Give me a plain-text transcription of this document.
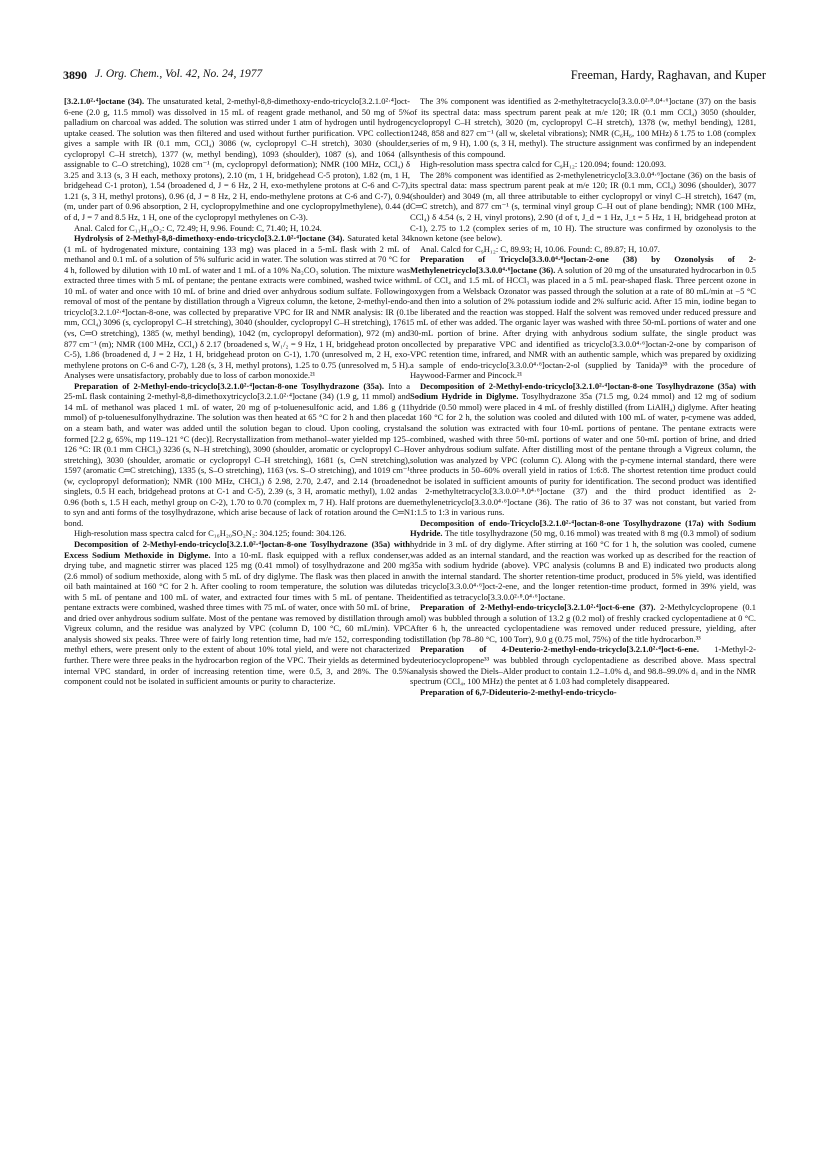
3890 J. Org. Chem., Vol. 42, No. 24, 1977	Freeman, Hardy, Raghavan, and Kuper

[3.2.1.0²·⁴]octane (34). The unsaturated ketal, 2-methyl-8,8-dimethoxy-endo-tricyclo[3.2.1.0²·⁴]oct-6-ene (2.0 g, 11.5 mmol) was dissolved in 15 mL of reagent grade methanol, and 50 mg of 5% palladium on charcoal was added. The solution was stirred under 1 atm of hydrogen until hydrogen uptake ceased. The solution was then filtered and used without further purification. VPC collection gives a sample with IR (0.1 mm, CCl₄) 3086 (w, cyclopropyl C–H stretch), 3030 (shoulder, cyclopropyl C–H stretch), 1377 (w, methyl bending), 1093 (shoulder), 1087 (s), and 1064 (all assignable to C–O stretching), 1028 cm⁻¹ (m, cyclopropyl deformation); NMR (100 MHz, CCl₄) δ 3.25 and 3.13 (s, 3 H each, methoxy protons), 2.10 (m, 1 H, bridgehead C-5 proton), 1.82 (m, 1 H, bridgehead C-1 proton), 1.54 (broadened d, J = 6 Hz, 2 H, exo-methylene protons at C-6 and C-7), 1.21 (s, 3 H, methyl protons), 0.96 (d, J = 8 Hz, 2 H, endo-methylene protons at C-6 and C-7), 0.94 (m, under part of 0.96 absorption, 2 H, cyclopropylmethine and one cyclopropylmethylene), 0.44 (d of d, J = 7 and 8.5 Hz, 1 H, one of the cyclopropyl methylenes on C-3).

Anal. Calcd for C₁₁H₁₈O₂: C, 72.49; H, 9.96. Found: C, 71.40; H, 10.24.

Hydrolysis of 2-Methyl-8,8-dimethoxy-endo-tricyclo[3.2.1.0²·⁴]octane (34). Saturated ketal 34 (1 mL of hydrogenated mixture, containing 133 mg) was placed in a 5-mL flask with 2 mL of methanol and 0.1 mL of a solution of 5% sulfuric acid in water. The solution was stirred at 70 °C for 4 h, followed by dilution with 10 mL of water and 1 mL of a 10% Na₂CO₃ solution. The mixture was extracted three times with 5 mL of pentane; the pentane extracts were combined, washed twice with 10 mL of water and once with 10 mL of brine and dried over anhydrous sodium sulfate. Following removal of most of the pentane by distillation through a Vigreux column, the ketone, 2-methyl-endo-tricyclo[3.2.1.0²·⁴]octan-8-one, was collected by preparative VPC for IR and NMR analysis: IR (0.1 mm, CCl₄) 3096 (s, cyclopropyl C–H stretching), 3040 (shoulder, cyclopropyl C–H stretching), 1761 (vs, C═O stretching), 1385 (w, methyl bending), 1042 (m, cyclopropyl deformation), 972 (m) and 877 cm⁻¹ (m); NMR (100 MHz, CCl₄) δ 2.17 (broadened s, W₁/₂ = 9 Hz, 1 H, bridgehead proton on C-5), 1.86 (broadened d, J = 2 Hz, 1 H, bridgehead proton on C-1), 1.70 (unresolved m, 2 H, exo-methylene protons on C-6 and C-7), 1.28 (s, 3 H, methyl protons), 1.25 to 0.75 (unresolved m, 5 H). Analyses were unsatisfactory, probably due to loss of carbon monoxide.²¹

Preparation of 2-Methyl-endo-tricyclo[3.2.1.0²·⁴]octan-8-one Tosylhydrazone (35a). Into a 25-mL flask containing 2-methyl-8,8-dimethoxytricyclo[3.2.1.0²·⁴]octane (34) (1.9 g, 11 mmol) and 14 mL of methanol was placed 1 mL of water, 20 mg of p-toluenesulfonic acid, and 1.86 g (11 mmol) of p-toluenesulfonylhydrazine. The solution was then heated at 65 °C for 2 h and then placed on a steam bath, and water was added until the solution began to cloud. Upon cooling, crystals formed [2.2 g, 65%, mp 119–121 °C (dec)]. Recrystallization from methanol–water yielded mp 125–126 °C: IR (0.1 mm CHCl₃) 3236 (s, N–H stretching), 3090 (shoulder, aromatic or cyclopropyl C–H stretching), 3030 (shoulder, aromatic or cyclopropyl C–H stretching), 1681 (s, C═N stretching), 1597 (aromatic C═C stretching), 1335 (s, S–O stretching), 1163 (vs. S–O stretching), and 1019 cm⁻¹ (w, cyclopropyl deformation); NMR (100 MHz, CHCl₃) δ 2.98, 2.70, 2.47, and 2.14 (broadened singlets, 0.5 H each, bridgehead protons at C-1 and C-5), 2.39 (s, 3 H, aromatic methyl), 1.02 and 0.96 (both s, 1.5 H each, methyl group on C-2), 1.70 to 0.70 (complex m, 7 H). Half protons are due to syn and anti forms of the tosylhydrazone, which arise because of lack of rotation around the C═N bond.

High-resolution mass spectra calcd for C₁₆H₂₀SO₂N₂: 304.125; found: 304.126.

Decomposition of 2-Methyl-endo-tricyclo[3.2.1.0²·⁴]octan-8-one Tosylhydrazone (35a) with Excess Sodium Methoxide in Diglyme. Into a 10-mL flask equipped with a reflux condenser, drying tube, and magnetic stirrer was placed 125 mg (0.41 mmol) of tosylhydrazone and 200 mg (2.6 mmol) of sodium methoxide, along with 5 mL of dry diglyme. The flask was then placed in an oil bath maintained at 160 °C for 2 h. After cooling to room temperature, the solution was diluted with 5 mL of pentane and 100 mL of water, and extracted four times with 5 mL of pentane. The pentane extracts were combined, washed three times with 75 mL of water, once with 50 mL of brine, and dried over anhydrous sodium sulfate. Most of the pentane was removed by distillation through a Vigreux column, and the residue was analyzed by VPC (column D, 100 °C, 60 mL/min). VPC analysis showed six peaks. Three were of fairly long retention time, had m/e 152, corresponding to methyl ethers, were present only to the extent of about 10% total yield, and were not characterized further. There were three peaks in the hydrocarbon region of the VPC. Their yields as determined by internal VPC standard, in order of increasing retention time, were 0.5, 3, and 28%. The 0.5% component could not be isolated in sufficient amounts or purity to characterize.

The 3% component was identified as 2-methyltetracyclo[3.3.0.0²·⁸.0⁴·⁶]octane (37) on the basis of its spectral data: mass spectrum parent peak at m/e 120; IR (0.1 mm CCl₄) 3050 (shoulder, cyclopropyl C–H stretch), 3020 (m, cyclopropyl C–H stretch), 1378 (w, methyl bending), 1281, 1248, 858 and 827 cm⁻¹ (all w, skeletal vibrations); NMR (C₆H₆, 100 MHz) δ 1.75 to 1.08 (complex series of m, 9 H), 1.00 (s, 3 H, methyl). The structure assignment was confirmed by an independent synthesis of this compound.

High-resolution mass spectra calcd for C₉H₁₂: 120.094; found: 120.093.

The 28% component was identified as 2-methylenetricyclo[3.3.0.0⁴·⁶]octane (36) on the basis of its spectral data: mass spectrum parent peak at m/e 120; IR (0.1 mm, CCl₄) 3096 (shoulder), 3077 (shoulder) and 3049 (m, all three attributable to either cyclopropyl or vinyl C–H stretch), 1647 (m, C═C stretch), and 877 cm⁻¹ (s, terminal vinyl group C–H out of plane bending); NMR (100 MHz, CCl₄) δ 4.54 (s, 2 H, vinyl protons), 2.90 (d of t, J_d = 1 Hz, J_t = 5 Hz, 1 H, bridgehead proton at C-1), 2.75 to 1.2 (complex series of m, 10 H). The structure was confirmed by ozonolysis to the known ketone (see below).

Anal. Calcd for C₉H₁₂: C, 89.93; H, 10.06. Found: C, 89.87; H, 10.07.

Preparation of Tricyclo[3.3.0.0⁴·⁶]octan-2-one (38) by Ozonolysis of 2-Methylenetricyclo[3.3.0.0⁴·⁶]octane (36). A solution of 20 mg of the unsaturated hydrocarbon in 0.5 mL of CCl₄ and 1.5 mL of HCCl₃ was placed in a 5 mL pear-shaped flask. Three percent ozone in oxygen from a Welsback Ozonator was passed through the solution at a rate of 80 mL/min at −5 °C and then into a solution of 2% potassium iodide and 2% sulfuric acid. After 15 min, iodine began to be liberated and the reaction was stopped. Half the solvent was removed under reduced pressure and 5 mL of ether was added. The organic layer was washed with three 50-mL portions of water and one 30-mL portion of brine. After drying with anhydrous sodium sulfate, the single product was collected by preparative VPC and identified as tricyclo[3.3.0.0⁴·⁶]octan-2-one by comparison of VPC retention time, infrared, and NMR with an authentic sample, which was prepared by oxidizing a sample of endo-tricyclo[3.3.0.0⁴·⁶]octan-2-ol (supplied by Tanida)³⁵ with the procedure of Haywood-Farmer and Pincock.²¹

Decomposition of 2-Methyl-endo-tricyclo[3.2.1.0²·⁴]octan-8-one Tosylhydrazone (35a) with Sodium Hydride in Diglyme. Tosylhydrazone 35a (71.5 mg, 0.24 mmol) and 12 mg of sodium hydride (0.50 mmol) were placed in 4 mL of freshly distilled (from LiAlH₄) diglyme. After heating at 160 °C for 2 h, the solution was cooled and diluted with 100 mL of water, p-cymene was added, and the solution was extracted with four 10-mL portions of pentane. The pentane extracts were combined, washed with three 50-mL portions of water and one 50-mL portion of brine, and dried over anhydrous sodium sulfate. After distilling most of the pentane through a Vigreux column, the solution was analyzed by VPC (column C). Along with the p-cymene internal standard, there were three products in 50–60% overall yield in ratios of 1:6:8. The shortest retention time product could not be isolated in sufficient amounts of purity for identification. The second product was identified as 2-methyltetracyclo[3.3.0.0²·⁸.0⁴·⁶]octane (37) and the third product identified as 2-methylenetricyclo[3.3.0.0⁴·⁶]octane (36). The ratio of 36 to 37 was not constant, but varied from 1:1.5 to 1:3 in various runs.

Decomposition of endo-Tricyclo[3.2.1.0²·⁴]octan-8-one Tosylhydrazone (17a) with Sodium Hydride. The title tosylhydrazone (50 mg, 0.16 mmol) was treated with 8 mg (0.3 mmol) of sodium hydride in 3 mL of dry diglyme. After stirring at 160 °C for 1 h, the solution was cooled, cumene was added as an internal standard, and the reaction was worked up as described for the reaction of 35a with sodium hydride (above). VPC analysis (columns B and E) indicated two products along with the internal standard. The shorter retention-time product, produced in 5% yield, was identified as tricyclo[3.3.0.0⁴·⁶]oct-2-ene, and the longer retention-time product, formed in 39% yield, was identified as tetracyclo[3.3.0.0²·⁸.0⁴·⁶]octane.

Preparation of 2-Methyl-endo-tricyclo[3.2.1.0²·⁴]oct-6-ene (37). 2-Methylcyclopropene (0.1 mol) was bubbled through a solution of 13.2 g (0.2 mol) of freshly cracked cyclopentadiene at 0 °C. After 6 h, the unreacted cyclopentadiene was removed under reduced pressure, yielding, after distillation (bp 78–80 °C, 100 Torr), 9.0 g (0.75 mol, 75%) of the title hydrocarbon.³³

Preparation of 4-Deuterio-2-methyl-endo-tricyclo[3.2.1.0²·⁴]oct-6-ene. 1-Methyl-2-deuteriocyclopropene³³ was bubbled through cyclopentadiene as described above. Mass spectral analysis showed the Diels–Alder product to contain 1.2–1.0% d₀ and 98.8–99.0% d₁ and in the NMR spectrum (CCl₄, 100 MHz) the pentet at δ 1.03 had completely disappeared.

Preparation of 6,7-Dideuterio-2-methyl-endo-tricyclo-
